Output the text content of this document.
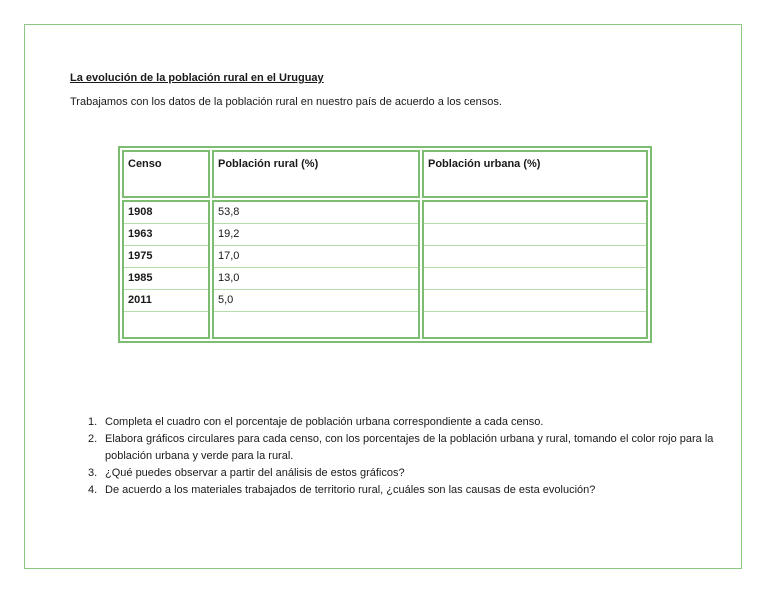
La evolución de la población rural en el Uruguay
Trabajamos con los datos de la población rural en nuestro país de acuerdo a los censos.
Censo	Población rural (%)	Población urbana (%)
1908	53,8
1963	19,2
1975	17,0
1985	13,0
2011	5,0
1. Completa el cuadro con el porcentaje de población urbana correspondiente a cada censo.
2. Elabora gráficos circulares para cada censo, con los porcentajes de la población urbana y rural, tomando el color rojo para la población urbana y verde para la rural.
3. ¿Qué puedes observar a partir del análisis de estos gráficos?
4. De acuerdo a los materiales trabajados de territorio rural, ¿cuáles son las causas de esta evolución?
